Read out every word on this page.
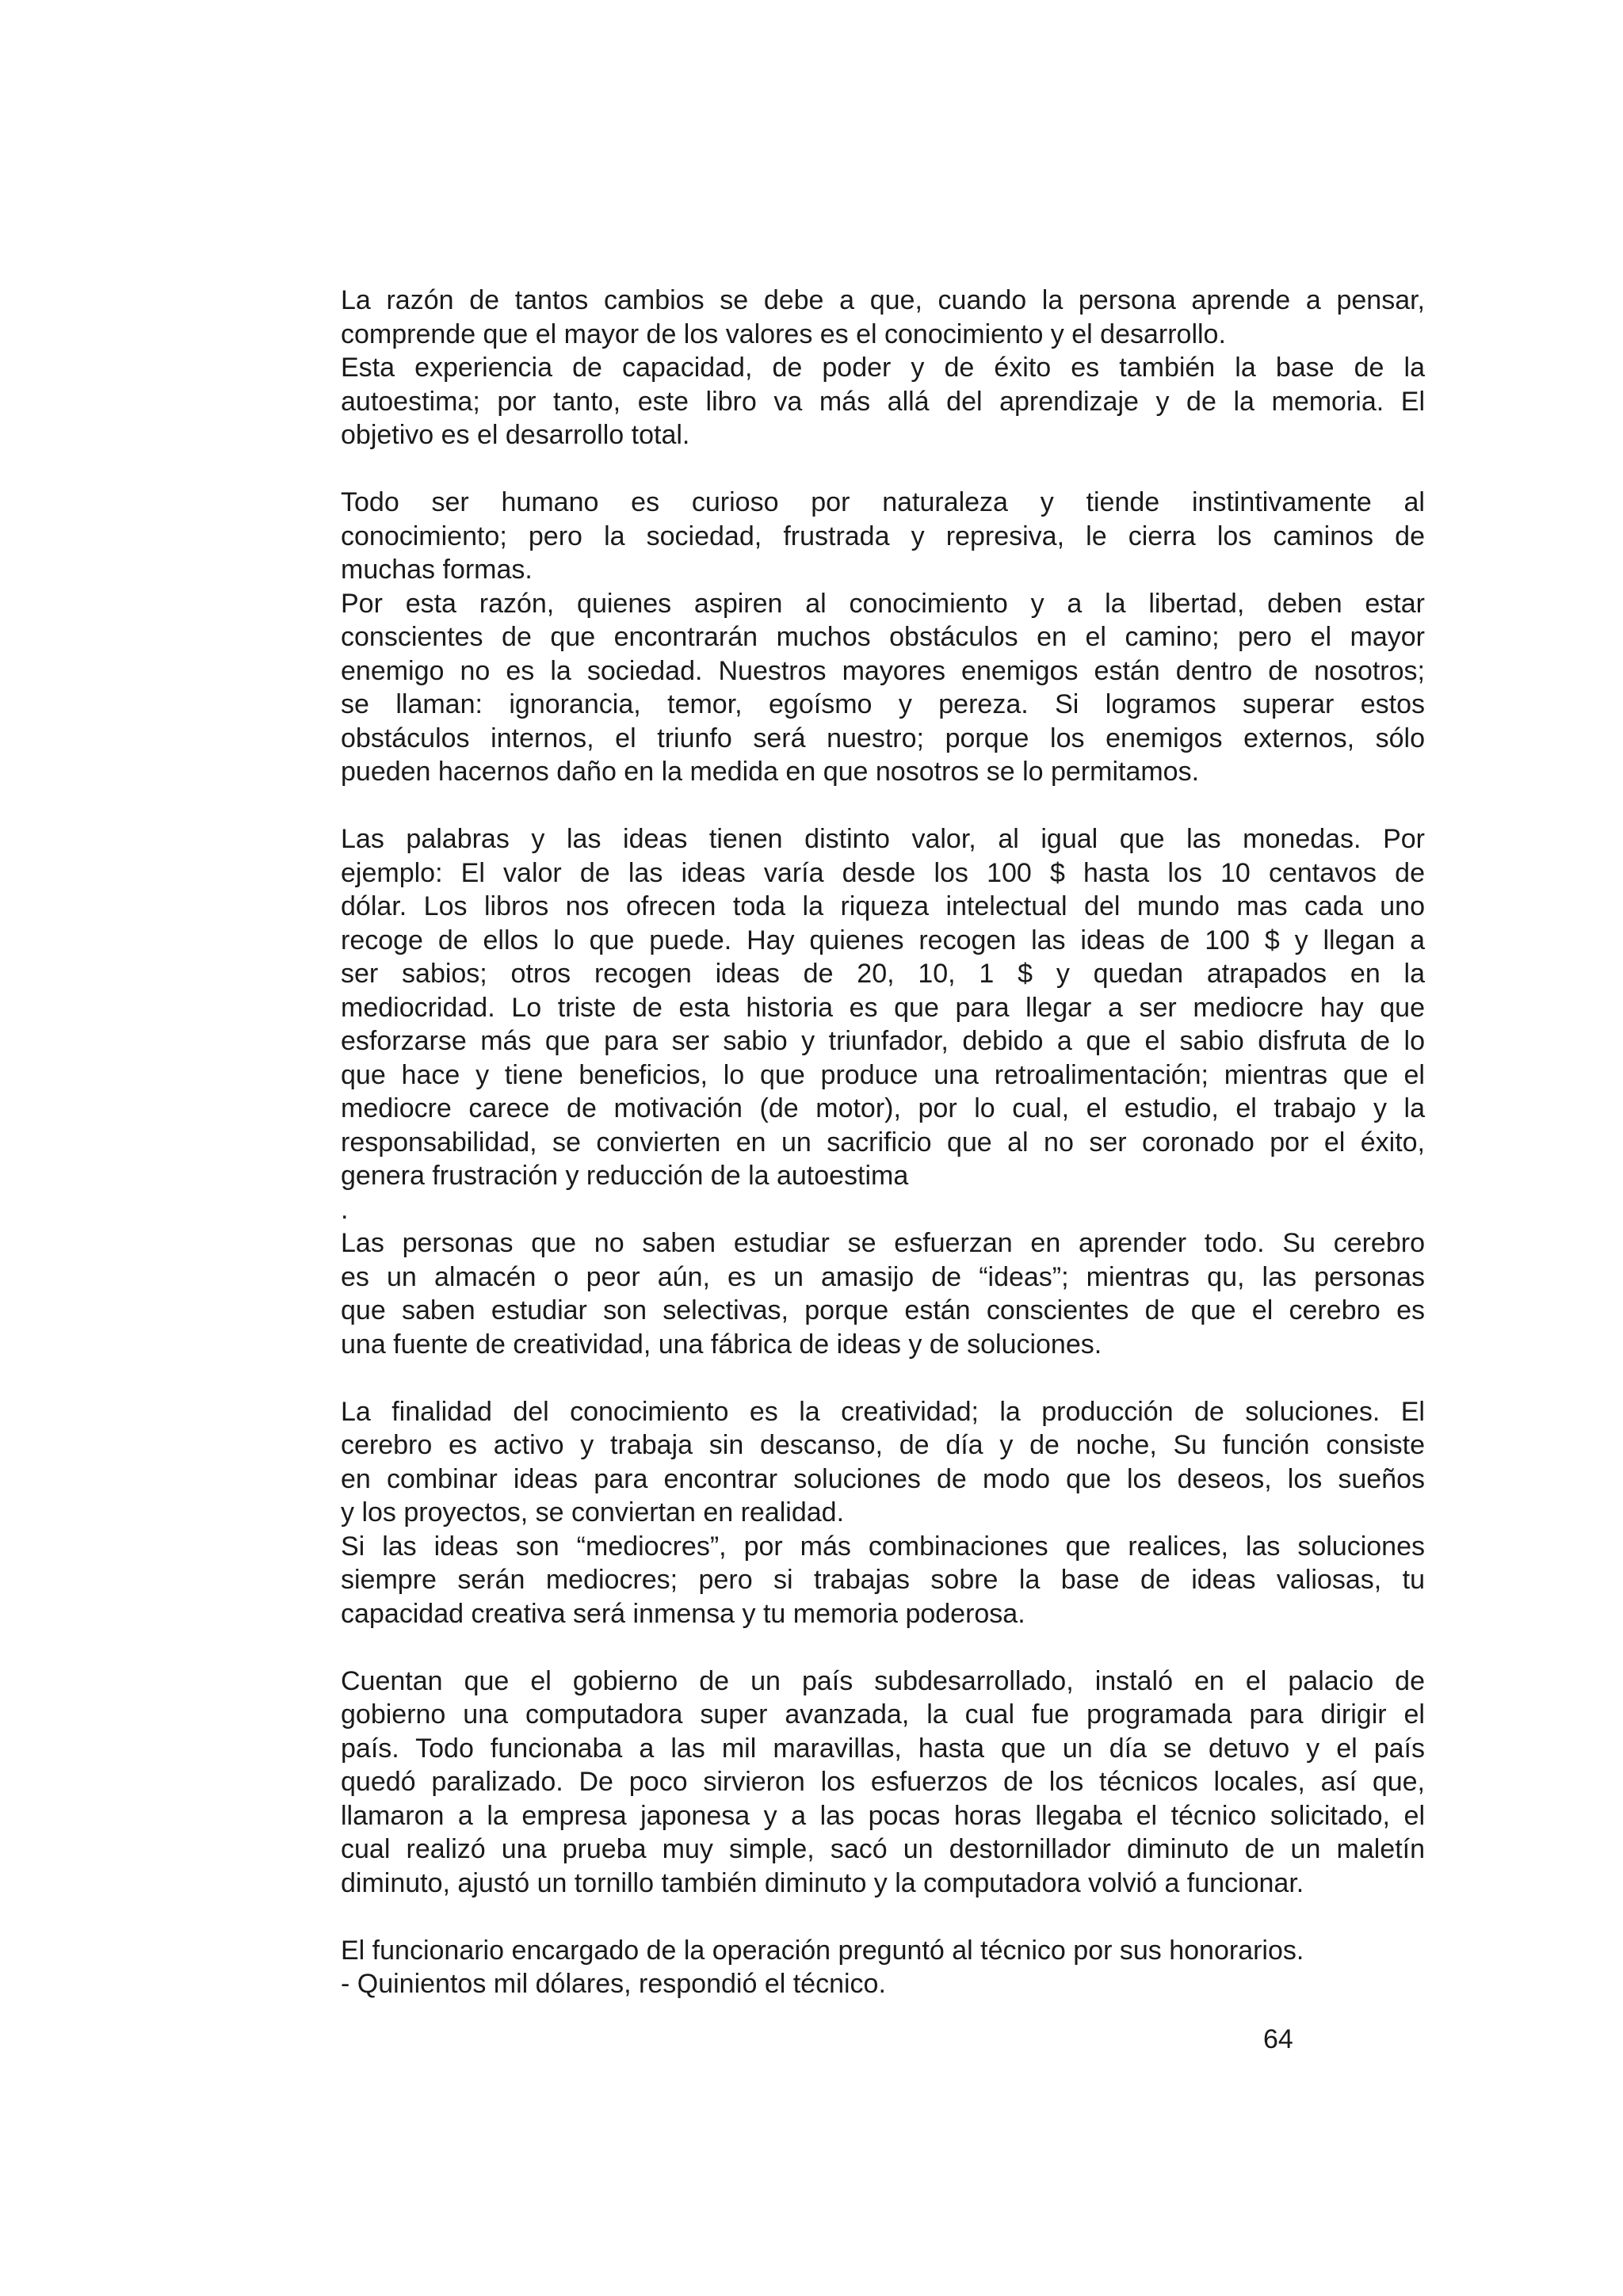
La razón de tantos cambios se debe a que, cuando la persona aprende a pensar,
comprende que el mayor de los valores es el conocimiento y el desarrollo.
Esta experiencia de capacidad, de poder y de éxito es también la base de la
autoestima; por tanto, este libro va más allá del aprendizaje y de la memoria. El
objetivo es el desarrollo total.
Todo ser humano es curioso por naturaleza y tiende instintivamente al
conocimiento; pero la sociedad, frustrada y represiva, le cierra los caminos de
muchas formas.
Por esta razón, quienes aspiren al conocimiento y a la libertad, deben estar
conscientes de que encontrarán muchos obstáculos en el camino; pero el mayor
enemigo no es la sociedad. Nuestros mayores enemigos están dentro de nosotros;
se llaman: ignorancia, temor, egoísmo y pereza. Si logramos superar estos
obstáculos internos, el triunfo será nuestro; porque los enemigos externos, sólo
pueden hacernos daño en la medida en que nosotros se lo permitamos.
Las palabras y las ideas tienen distinto valor, al igual que las monedas. Por
ejemplo: El valor de las ideas varía desde los 100 $ hasta los 10 centavos de
dólar. Los libros nos ofrecen toda la riqueza intelectual del mundo mas cada uno
recoge de ellos lo que puede. Hay quienes recogen las ideas de 100 $ y llegan a
ser sabios; otros recogen ideas de 20, 10, 1 $ y quedan atrapados en la
mediocridad. Lo triste de esta historia es que para llegar a ser mediocre hay que
esforzarse más que para ser sabio y triunfador, debido a que el sabio disfruta de lo
que hace y tiene beneficios, lo que produce una retroalimentación; mientras que el
mediocre carece de motivación (de motor), por lo cual, el estudio, el trabajo y la
responsabilidad, se convierten en un sacrificio que al no ser coronado por el éxito,
genera frustración y reducción de la autoestima
.
Las personas que no saben estudiar se esfuerzan en aprender todo. Su cerebro
es un almacén o peor aún, es un amasijo de “ideas”; mientras qu, las personas
que saben estudiar son selectivas, porque están conscientes de que el cerebro es
una fuente de creatividad, una fábrica de ideas y de soluciones.
La finalidad del conocimiento es la creatividad; la producción de soluciones. El
cerebro es activo y trabaja sin descanso, de día y de noche, Su función consiste
en combinar ideas para encontrar soluciones de modo que los deseos, los sueños
y los proyectos, se conviertan en realidad.
Si las ideas son “mediocres”, por más combinaciones que realices, las soluciones
siempre serán mediocres; pero si trabajas sobre la base de ideas valiosas, tu
capacidad creativa será inmensa y tu memoria poderosa.
Cuentan que el gobierno de un país subdesarrollado, instaló en el palacio de
gobierno una computadora super avanzada, la cual fue programada para dirigir el
país. Todo funcionaba a las mil maravillas, hasta que un día se detuvo y el país
quedó paralizado. De poco sirvieron los esfuerzos de los técnicos locales, así que,
llamaron a la empresa japonesa y a las pocas horas llegaba el técnico solicitado, el
cual realizó una prueba muy simple, sacó un destornillador diminuto de un maletín
diminuto, ajustó un tornillo también diminuto y la computadora volvió a funcionar.
El funcionario encargado de la operación preguntó al técnico por sus honorarios.
- Quinientos mil dólares, respondió el técnico.
64
